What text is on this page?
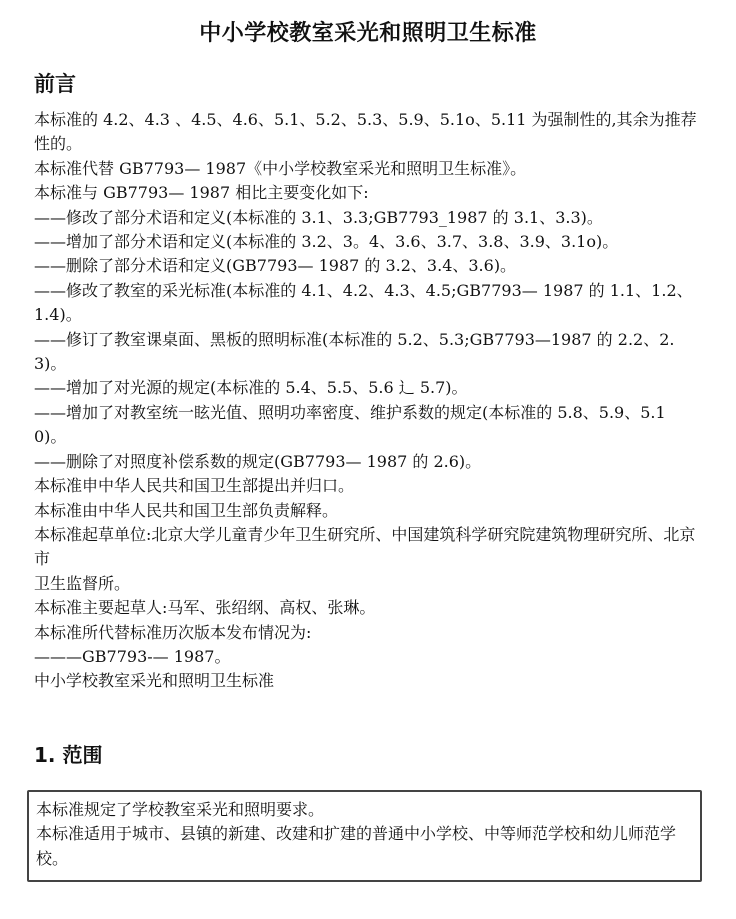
中小学校教室采光和照明卫生标准
前言

本标准的 4.2、4.3 、4.5、4.6、5.1、5.2、5.3、5.9、5.1o、5.11 为强制性的,其余为推荐性的。

本标准代替 GB7793— 1987《中小学校教室采光和照明卫生标准》。

本标准与 GB7793— 1987 相比主要变化如下:

——修改了部分术语和定义(本标准的 3.1、3.3;GB7793_1987 的 3.1、3.3)。

——增加了部分术语和定义(本标准的 3.2、3。4、3.6、3.7、3.8、3.9、3.1o)。

——删除了部分术语和定义(GB7793— 1987 的 3.2、3.4、3.6)。

——修改了教室的采光标准(本标准的 4.1、4.2、4.3、4.5;GB7793— 1987 的 1.1、1.2、1.4)。

——修订了教室课桌面、黑板的照明标准(本标准的 5.2、5.3;GB7793—1987 的 2.2、2.3)。

——增加了对光源的规定(本标准的 5.4、5.5、5.6 辶 5.7)。

——增加了对教室统一眩光值、照明功率密度、维护系数的规定(本标准的 5.8、5.9、5.10)。

——删除了对照度补偿系数的规定(GB7793— 1987 的 2.6)。

本标准申中华人民共和国卫生部提出并归口。

本标准由中华人民共和国卫生部负责解释。

本标准起草单位:北京大学儿童青少年卫生研究所、中国建筑科学研究院建筑物理研究所、北京市

卫生监督所。

本标准主要起草人:马军、张绍纲、高权、张琳。

本标准所代替标准历次版本发布情况为:

———GB7793-— 1987。

中小学校教室采光和照明卫生标准

1. 范围

本标准规定了学校教室采光和照明要求。

本标准适用于城市、县镇的新建、改建和扩建的普通中小学校、中等师范学校和幼儿师范学校。
